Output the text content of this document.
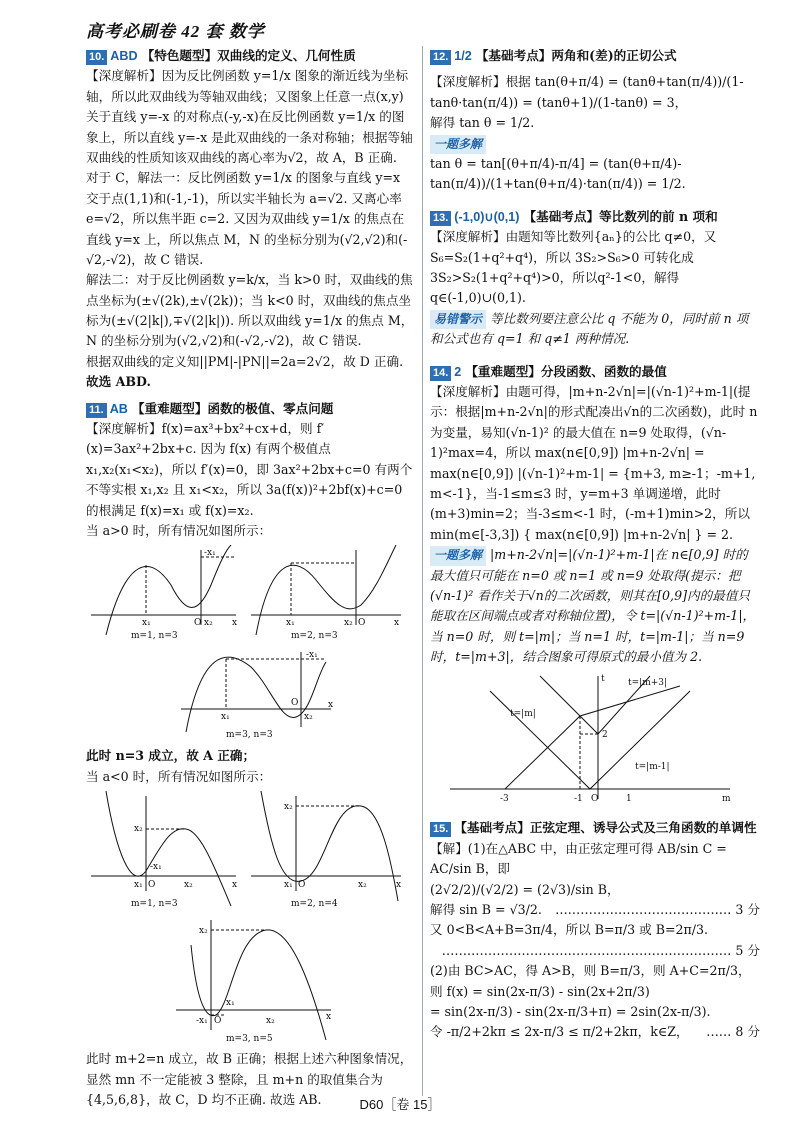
高考必刷卷 42 套 数学
10. ABD 【特色题型】双曲线的定义、几何性质

【深度解析】因为反比例函数 y=1/x 图象的渐近线为坐标轴，所以此双曲线为等轴双曲线；又图象上任意一点(x,y)关于直线 y=-x 的对称点(-y,-x)在反比例函数 y=1/x 的图象上，所以直线 y=-x 是此双曲线的一条对称轴；根据等轴双曲线的性质知该双曲线的离心率为√2，故 A，B 正确.

对于 C，解法一：反比例函数 y=1/x 的图象与直线 y=x 交于点(1,1)和(-1,-1)，所以实半轴长为 a=√2. 又离心率 e=√2，所以焦半距 c=2. 又因为双曲线 y=1/x 的焦点在直线 y=x 上，所以焦点 M，N 的坐标分别为(√2,√2)和(-√2,-√2)，故 C 错误.

解法二：对于反比例函数 y=k/x，当 k>0 时，双曲线的焦点坐标为(±√(2k),±√(2k))；当 k<0 时，双曲线的焦点坐标为(±√(2|k|),∓√(2|k|)). 所以双曲线 y=1/x 的焦点 M，N 的坐标分别为(√2,√2)和(-√2,-√2)，故 C 错误.

根据双曲线的定义知||PM|-|PN||=2a=2√2，故 D 正确.

故选 ABD.

11. AB 【重难题型】函数的极值、零点问题

【深度解析】f(x)=ax³+bx²+cx+d，则 f′(x)=3ax²+2bx+c. 因为 f(x) 有两个极值点 x₁,x₂(x₁<x₂)，所以 f′(x)=0，即 3ax²+2bx+c=0 有两个不等实根 x₁,x₂ 且 x₁<x₂，所以 3a(f(x))²+2bf(x)+c=0 的根满足 f(x)=x₁ 或 f(x)=x₂.

当 a>0 时，所有情况如图所示：

x₁	O x₂ x
-x₁
m=1, n=3
x₁	x₂ O	x
m=2, n=3
x₁
O
x₂
x
-x₁
m=3, n=3

此时 n=3 成立，故 A 正确；

当 a<0 时，所有情况如图所示：

x₁ O	x₂	x
x₂
-x₁
m=1, n=3
x₁ O	x₂	x
x₂
m=2, n=4
x₂
-x₁
x₁
O	x₂	x
m=3, n=5

此时 m+2=n 成立，故 B 正确；根据上述六种图象情况，显然 mn 不一定能被 3 整除，且 m+n 的取值集合为{4,5,6,8}，故 C，D 均不正确. 故选 AB.

12. 1/2 【基础考点】两角和(差)的正切公式

【深度解析】根据 tan(θ+π/4) = (tanθ+tan(π/4))/(1-tanθ·tan(π/4)) = (tanθ+1)/(1-tanθ) = 3，

解得 tan θ = 1/2.

一题多解

tan θ = tan[(θ+π/4)-π/4] = (tan(θ+π/4)-tan(π/4))/(1+tan(θ+π/4)·tan(π/4)) = 1/2.

13. (-1,0)∪(0,1) 【基础考点】等比数列的前 n 项和

【深度解析】由题知等比数列{aₙ}的公比 q≠0，又 S₆=S₂(1+q²+q⁴)，所以 3S₂>S₆>0 可转化成 3S₂>S₂(1+q²+q⁴)>0，所以q²-1<0，解得 q∈(-1,0)∪(0,1).

易错警示 等比数列要注意公比 q 不能为 0，同时前 n 项和公式也有 q=1 和 q≠1 两种情况.
14. 2 【重难题型】分段函数、函数的最值

【深度解析】由题可得，|m+n-2√n|=|(√n-1)²+m-1|(提示：根据|m+n-2√n|的形式配凑出√n的二次函数)，此时 n 为变量，易知(√n-1)² 的最大值在 n=9 处取得，(√n-1)²max=4，所以 max(n∈[0,9]) |m+n-2√n| = max(n∈[0,9]) |(√n-1)²+m-1| = {m+3, m≥-1；-m+1, m<-1}，当-1≤m≤3 时，y=m+3 单调递增，此时(m+3)min=2；当-3≤m<-1 时，(-m+1)min>2，所以 min(m∈[-3,3]) { max(n∈[0,9]) |m+n-2√n| } = 2.

一题多解 |m+n-2√n|=|(√n-1)²+m-1|在 n∈[0,9] 时的最大值只可能在 n=0 或 n=1 或 n=9 处取得(提示：把(√n-1)² 看作关于√n的二次函数，则其在[0,9]内的最值只能取在区间端点或者对称轴位置)，令 t=|(√n-1)²+m-1|，当 n=0 时，则 t=|m|；当 n=1 时，t=|m-1|；当 n=9 时，t=|m+3|，结合图象可得原式的最小值为 2.
t	t=|m+3|
t=|m|
t=|m-1|
m
-3	-1 O	1
2
15. 【基础考点】正弦定理、诱导公式及三角函数的单调性

【解】(1)在△ABC 中，由正弦定理可得 AB/sin C = AC/sin B，即

(2√2/2)/(√2/2) = (2√3)/sin B，
…………………………………… 3 分

解得 sin B = √3/2. 又 0<B<A+B=3π/4，所以 B=π/3 或 B=2π/3.

…………………………………………………………… 5 分

(2)由 BC>AC，得 A>B，则 B=π/3，则 A+C=2π/3，

则 f(x) = sin(2x-π/3) - sin(2x+2π/3)

= sin(2x-π/3) - sin(2x-π/3+π) = 2sin(2x-π/3).
…… 8 分

令 -π/2+2kπ ≤ 2x-π/3 ≤ π/2+2kπ，k∈Z，

D60［卷 15］
